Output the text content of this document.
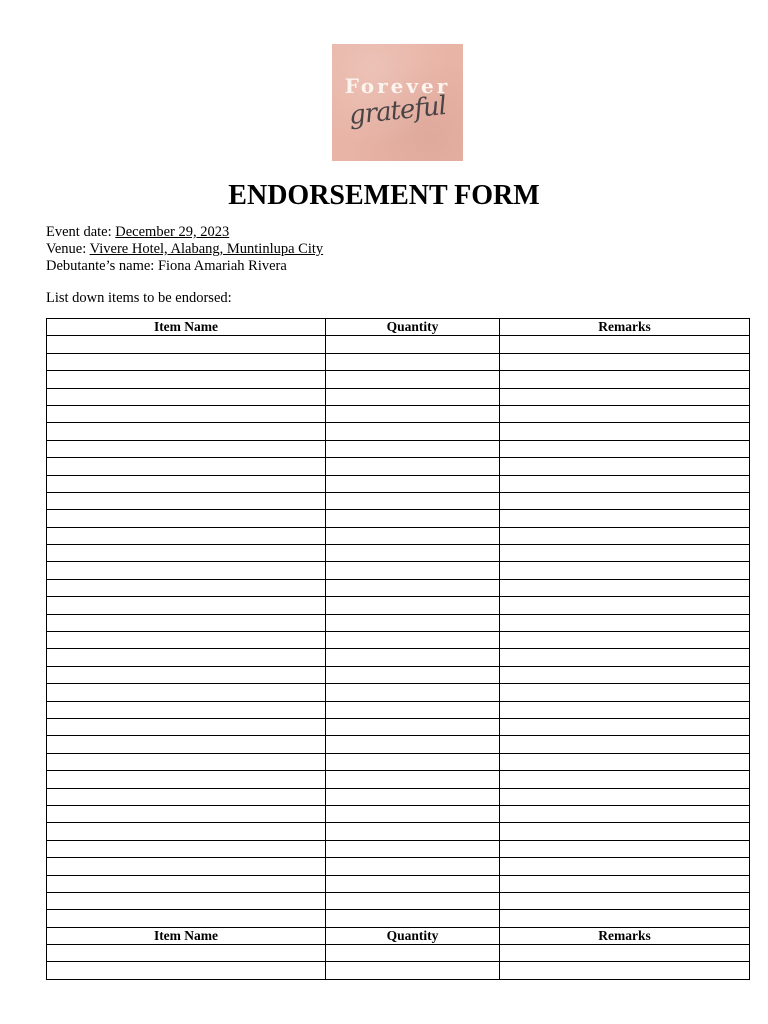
Forever
grateful
ENDORSEMENT FORM
Event date: December 29, 2023
Venue: Vivere Hotel, Alabang, Muntinlupa City
Debutante’s name: Fiona Amariah Rivera
List down items to be endorsed:
Item Name	Quantity	Remarks

Item Name	Quantity	Remarks
